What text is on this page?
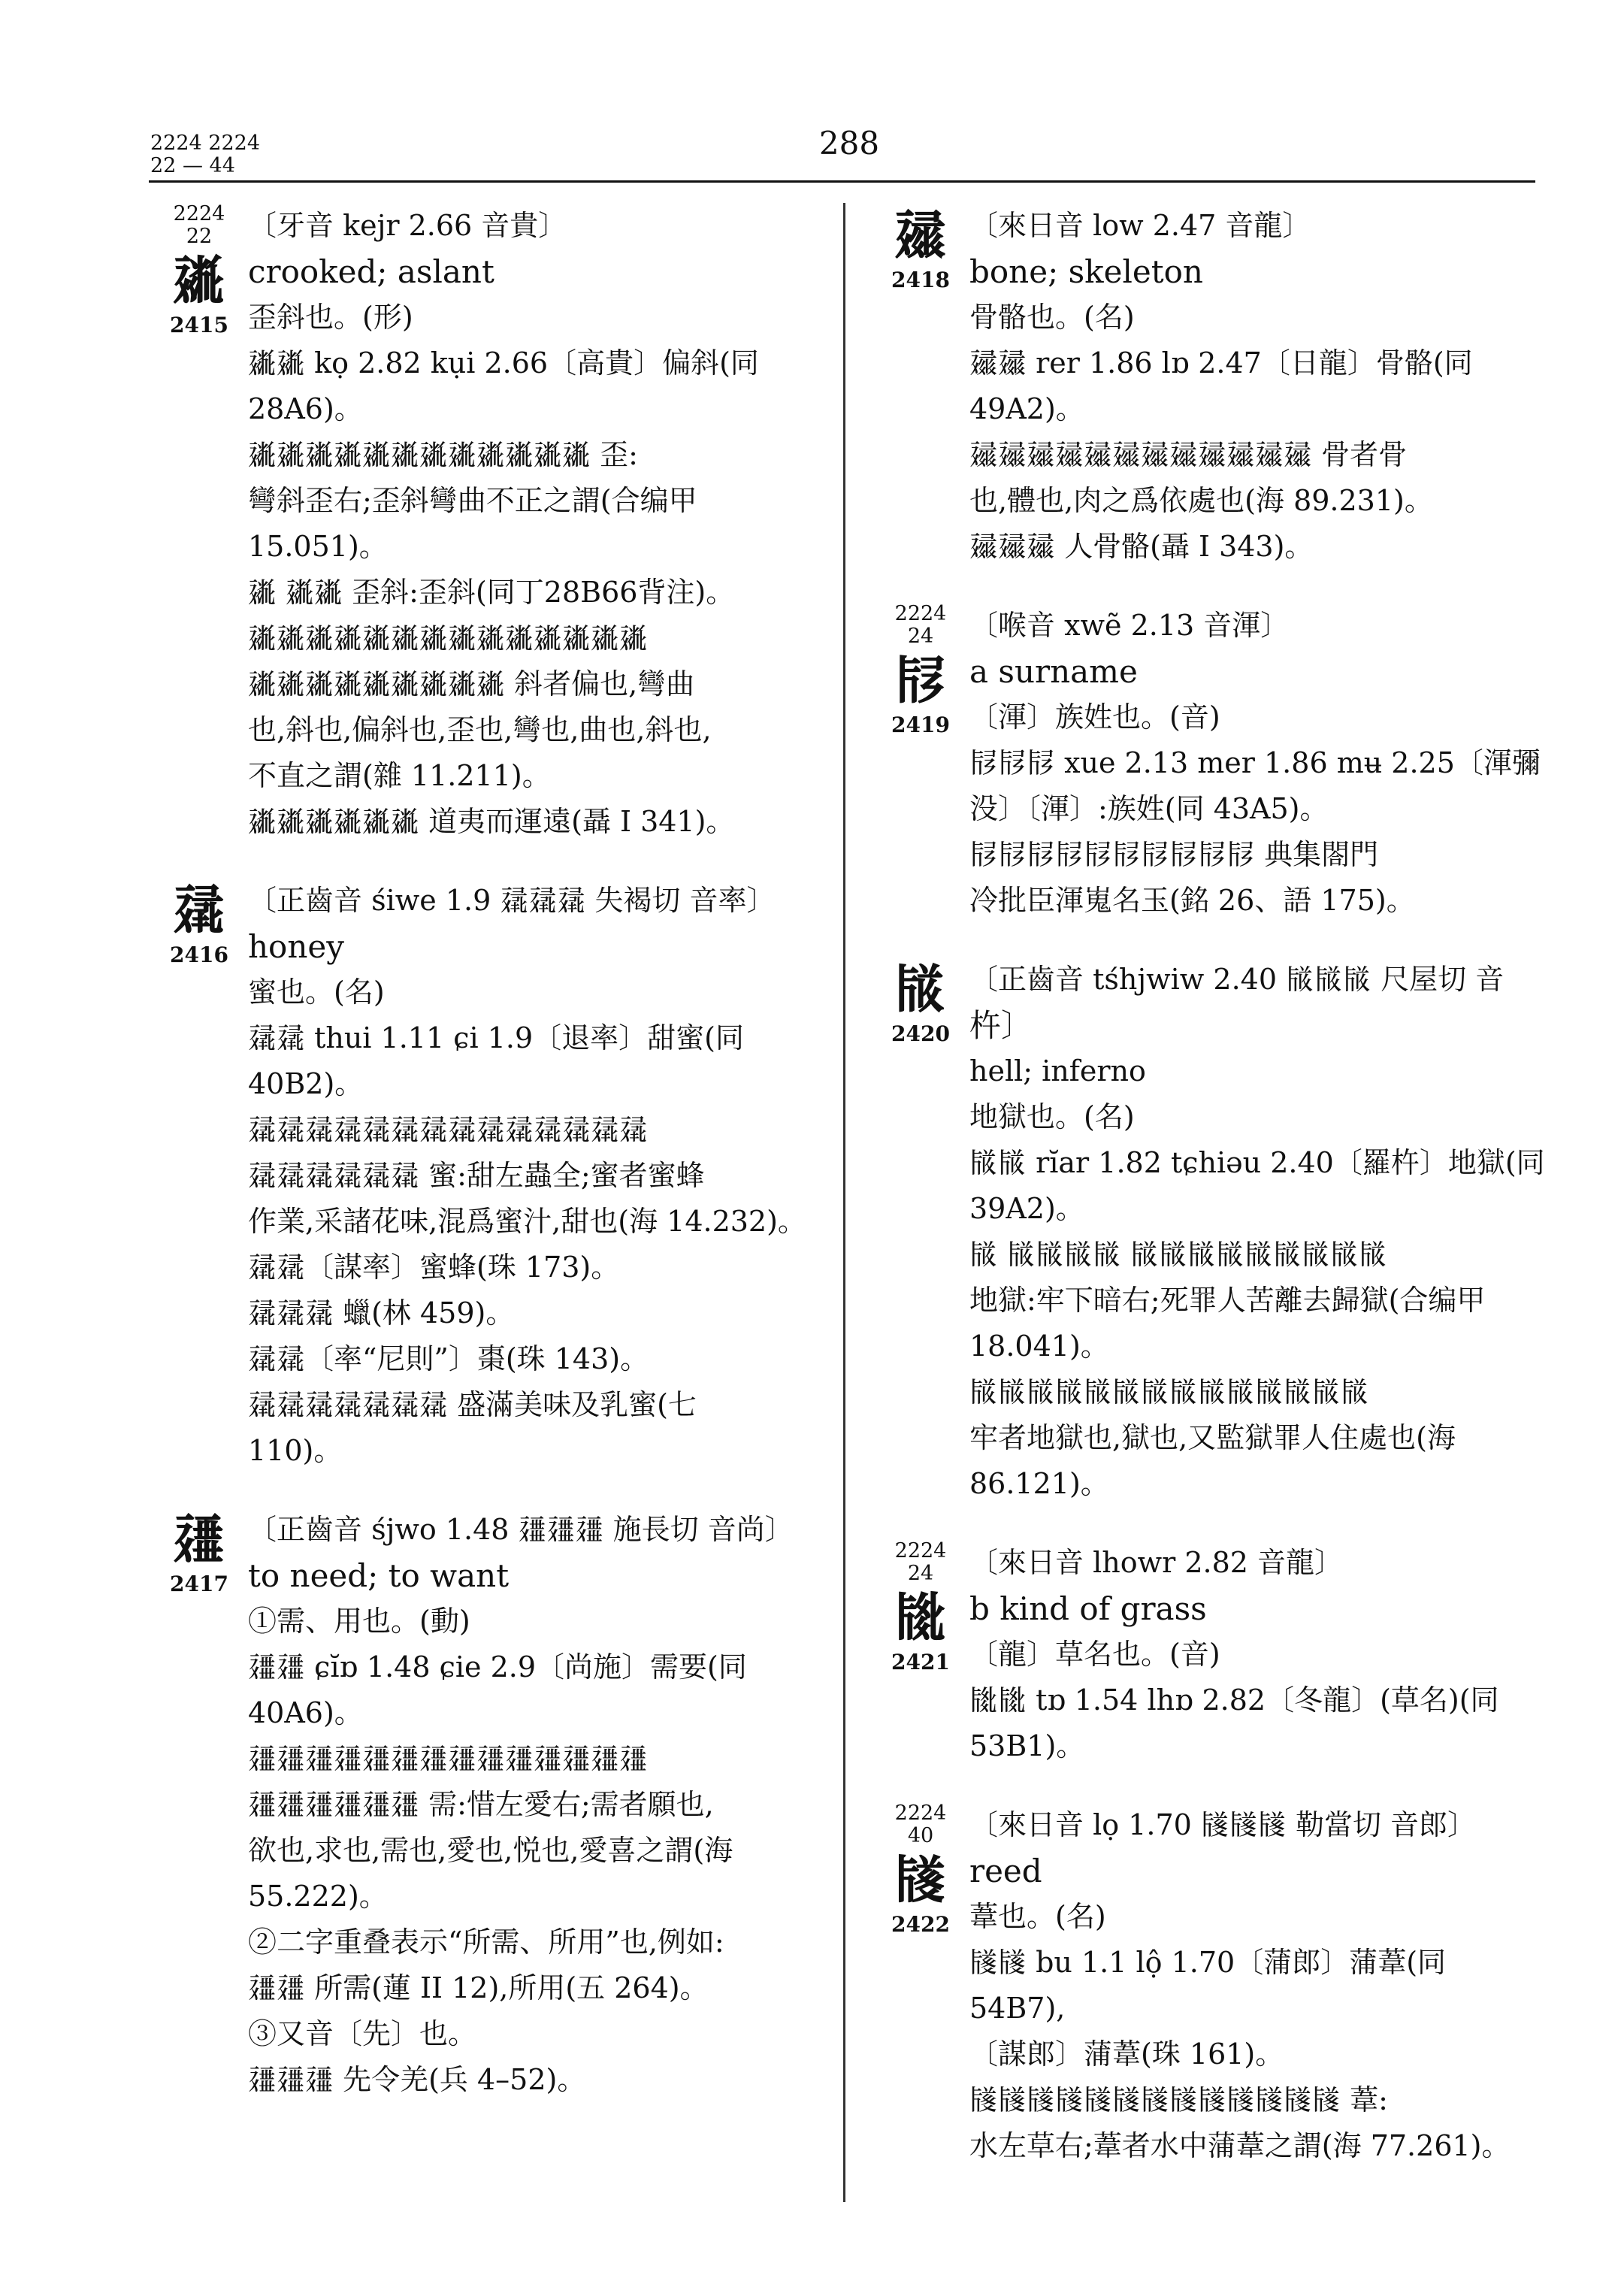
2224 2224
22 — 44
288
2224
22
𗡶
2415

〔牙音 kejr 2.66 音貴〕

crooked; aslant

歪斜也。(形)

𗡶𗡶 kọ 2.82 kụi 2.66〔高貴〕偏斜(同28A6)。

𗡶𗡶𗡶𗡶𗡶𗡶𗡶𗡶𗡶𗡶𗡶𗡶 歪:

彎斜歪右;歪斜彎曲不正之謂(合编甲

15.051)。

𗡶 𗡶𗡶 歪斜:歪斜(同丁28B66背注)。

𗡶𗡶𗡶𗡶𗡶𗡶𗡶𗡶𗡶𗡶𗡶𗡶𗡶𗡶

𗡶𗡶𗡶𗡶𗡶𗡶𗡶𗡶𗡶 斜者偏也,彎曲

也,斜也,偏斜也,歪也,彎也,曲也,斜也,

不直之謂(雜 11.211)。

𗡶𗡶𗡶𗡶𗡶𗡶 道夷而運遠(聶 I 341)。

𗡷
2416

〔正齒音 śiwe 1.9 𗡷𗡷𗡷 失褐切 音率〕

honey

蜜也。(名)

𗡷𗡷 thui 1.11 ɕi 1.9〔退率〕甜蜜(同40B2)。

𗡷𗡷𗡷𗡷𗡷𗡷𗡷𗡷𗡷𗡷𗡷𗡷𗡷𗡷

𗡷𗡷𗡷𗡷𗡷𗡷 蜜:甜左蟲全;蜜者蜜蜂

作業,采諸花味,混爲蜜汁,甜也(海 14.232)。

𗡷𗡷〔謀率〕蜜蜂(珠 173)。

𗡷𗡷𗡷 蠟(林 459)。

𗡷𗡷〔率“尼則”〕棗(珠 143)。

𗡷𗡷𗡷𗡷𗡷𗡷𗡷 盛滿美味及乳蜜(七

110)。

𗡸
2417

〔正齒音 śjwo 1.48 𗡸𗡸𗡸 施長切 音尚〕

to need; to want

①需、用也。(動)

𗡸𗡸 ɕĭɒ 1.48 ɕie 2.9〔尚施〕需要(同

40A6)。

𗡸𗡸𗡸𗡸𗡸𗡸𗡸𗡸𗡸𗡸𗡸𗡸𗡸𗡸

𗡸𗡸𗡸𗡸𗡸𗡸 需:惜左愛右;需者願也,

欲也,求也,需也,愛也,悦也,愛喜之謂(海

55.222)。

②二字重叠表示“所需、所用”也,例如:

𗡸𗡸 所需(蓮 II 12),所用(五 264)。

③又音〔先〕也。

𗡸𗡸𗡸 先令羌(兵 4–52)。

𗡹
2418

〔來日音 low 2.47 音龍〕

bone; skeleton

骨骼也。(名)

𗡹𗡹 rer 1.86 lɒ 2.47〔日龍〕骨骼(同 49A2)。

𗡹𗡹𗡹𗡹𗡹𗡹𗡹𗡹𗡹𗡹𗡹𗡹 骨者骨

也,體也,肉之爲依處也(海 89.231)。

𗡹𗡹𗡹 人骨骼(聶 I 343)。

2224
24
𗡺
2419

〔喉音 xwẽ 2.13 音渾〕

a surname

〔渾〕族姓也。(音)

𗡺𗡺𗡺 xue 2.13 mer 1.86 mʉ 2.25〔渾彌

没〕〔渾〕:族姓(同 43A5)。

𗡺𗡺𗡺𗡺𗡺𗡺𗡺𗡺𗡺𗡺 典集閤門

冷批臣渾嵬名玉(銘 26、語 175)。

𗡻
2420

〔正齒音 tśhjwiw 2.40 𗡻𗡻𗡻 尺屋切 音

杵〕

hell; inferno

地獄也。(名)

𗡻𗡻 rĭar 1.82 tɕhiəu 2.40〔羅杵〕地獄(同

39A2)。

𗡻 𗡻𗡻𗡻𗡻 𗡻𗡻𗡻𗡻𗡻𗡻𗡻𗡻𗡻

地獄:牢下暗右;死罪人苦離去歸獄(合编甲

18.041)。

𗡻𗡻𗡻𗡻𗡻𗡻𗡻𗡻𗡻𗡻𗡻𗡻𗡻𗡻

牢者地獄也,獄也,又監獄罪人住處也(海

86.121)。

2224
24
𗡼
2421

〔來日音 lhowr 2.82 音龍〕

b kind of grass

〔龍〕草名也。(音)

𗡼𗡼 tɒ 1.54 lhɒ 2.82〔冬龍〕(草名)(同

53B1)。

2224
40
𗡽
2422

〔來日音 lọ 1.70 𗡽𗡽𗡽 勒當切 音郎〕

reed

葦也。(名)

𗡽𗡽 bu 1.1 lộ 1.70〔蒲郎〕蒲葦(同 54B7),

〔謀郎〕蒲葦(珠 161)。

𗡽𗡽𗡽𗡽𗡽𗡽𗡽𗡽𗡽𗡽𗡽𗡽𗡽 葦:

水左草右;葦者水中蒲葦之謂(海 77.261)。
